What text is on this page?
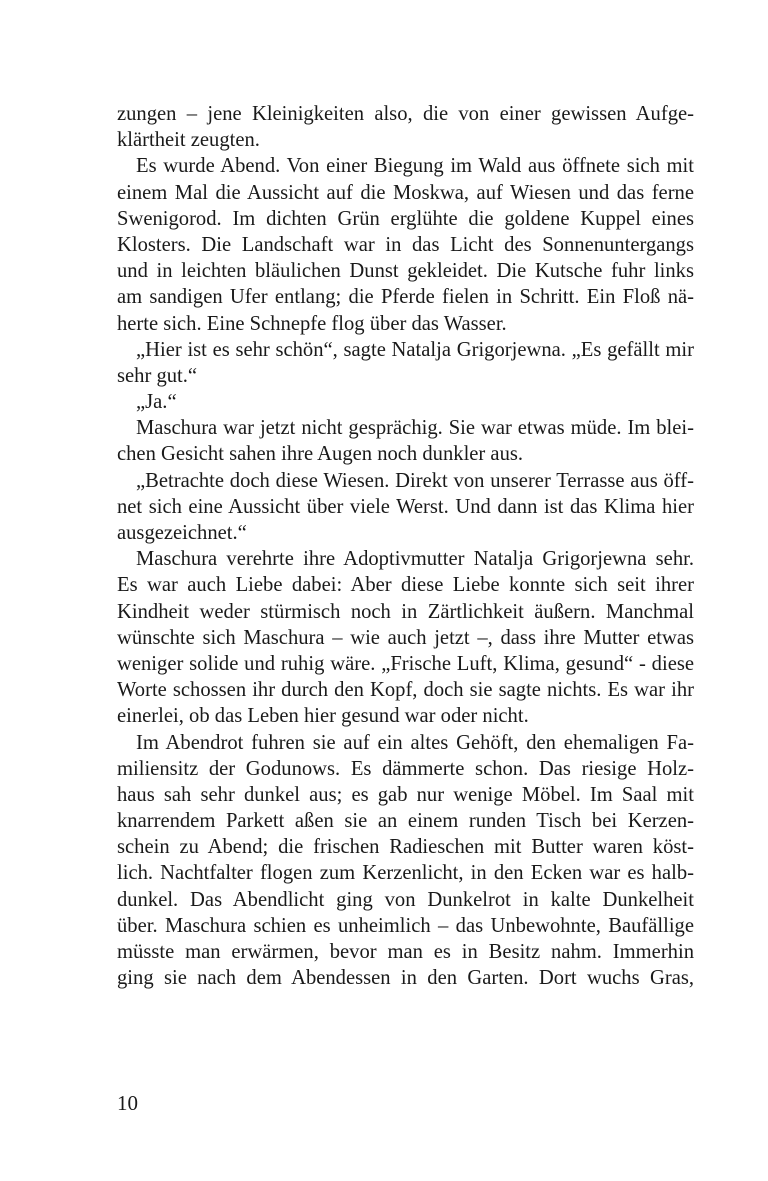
zungen – jene Kleinigkeiten also, die von einer gewissen Aufge-
klärtheit zeugten.
Es wurde Abend. Von einer Biegung im Wald aus öffnete sich mit
einem Mal die Aussicht auf die Moskwa, auf Wiesen und das ferne
Swenigorod. Im dichten Grün erglühte die goldene Kuppel eines
Klosters. Die Landschaft war in das Licht des Sonnenuntergangs
und in leichten bläulichen Dunst gekleidet. Die Kutsche fuhr links
am sandigen Ufer entlang; die Pferde fielen in Schritt. Ein Floß nä-
herte sich. Eine Schnepfe flog über das Wasser.
„Hier ist es sehr schön“, sagte Natalja Grigorjewna. „Es gefällt mir
sehr gut.“
„Ja.“
Maschura war jetzt nicht gesprächig. Sie war etwas müde. Im blei-
chen Gesicht sahen ihre Augen noch dunkler aus.
„Betrachte doch diese Wiesen. Direkt von unserer Terrasse aus öff-
net sich eine Aussicht über viele Werst. Und dann ist das Klima hier
ausgezeichnet.“
Maschura verehrte ihre Adoptivmutter Natalja Grigorjewna sehr.
Es war auch Liebe dabei: Aber diese Liebe konnte sich seit ihrer
Kindheit weder stürmisch noch in Zärtlichkeit äußern. Manchmal
wünschte sich Maschura – wie auch jetzt –, dass ihre Mutter etwas
weniger solide und ruhig wäre. „Frische Luft, Klima, gesund“ - diese
Worte schossen ihr durch den Kopf, doch sie sagte nichts. Es war ihr
einerlei, ob das Leben hier gesund war oder nicht.
Im Abendrot fuhren sie auf ein altes Gehöft, den ehemaligen Fa-
miliensitz der Godunows. Es dämmerte schon. Das riesige Holz-
haus sah sehr dunkel aus; es gab nur wenige Möbel. Im Saal mit
knarrendem Parkett aßen sie an einem runden Tisch bei Kerzen-
schein zu Abend; die frischen Radieschen mit Butter waren köst-
lich. Nachtfalter flogen zum Kerzenlicht, in den Ecken war es halb-
dunkel. Das Abendlicht ging von Dunkelrot in kalte Dunkelheit
über. Maschura schien es unheimlich – das Unbewohnte, Baufällige
müsste man erwärmen, bevor man es in Besitz nahm. Immerhin
ging sie nach dem Abendessen in den Garten. Dort wuchs Gras,
10
